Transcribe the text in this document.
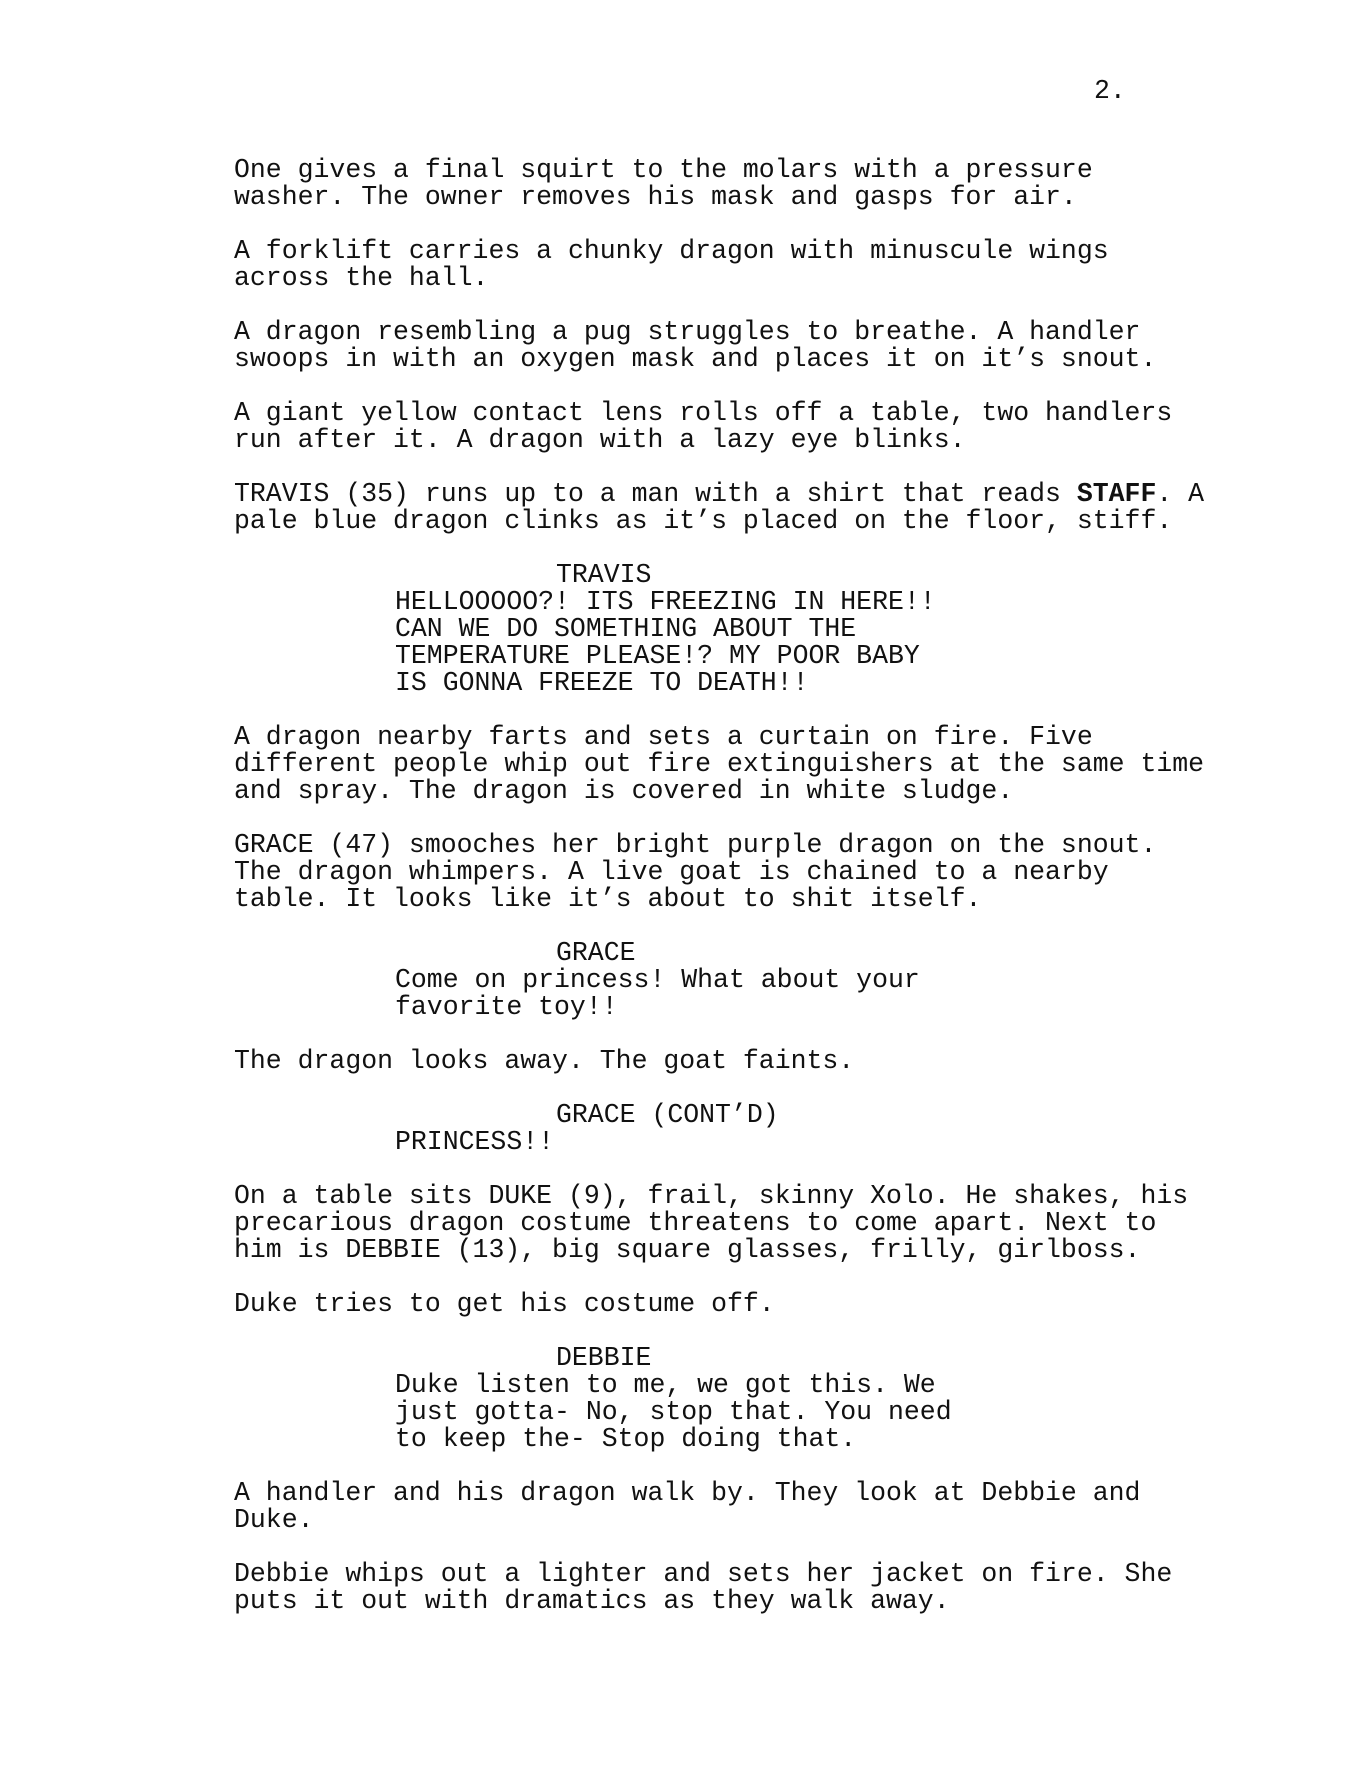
2.
One gives a final squirt to the molars with a pressure
washer. The owner removes his mask and gasps for air.
A forklift carries a chunky dragon with minuscule wings
across the hall.
A dragon resembling a pug struggles to breathe. A handler
swoops in with an oxygen mask and places it on it’s snout.
A giant yellow contact lens rolls off a table, two handlers
run after it. A dragon with a lazy eye blinks.
TRAVIS (35) runs up to a man with a shirt that reads STAFF. A
pale blue dragon clinks as it’s placed on the floor, stiff.
TRAVIS
HELLOOOOO?! ITS FREEZING IN HERE!!
CAN WE DO SOMETHING ABOUT THE
TEMPERATURE PLEASE!? MY POOR BABY
IS GONNA FREEZE TO DEATH!!
A dragon nearby farts and sets a curtain on fire. Five
different people whip out fire extinguishers at the same time
and spray. The dragon is covered in white sludge.
GRACE (47) smooches her bright purple dragon on the snout.
The dragon whimpers. A live goat is chained to a nearby
table. It looks like it’s about to shit itself.
GRACE
Come on princess! What about your
favorite toy!!
The dragon looks away. The goat faints.
GRACE (CONT’D)
PRINCESS!!
On a table sits DUKE (9), frail, skinny Xolo. He shakes, his
precarious dragon costume threatens to come apart. Next to
him is DEBBIE (13), big square glasses, frilly, girlboss.
Duke tries to get his costume off.
DEBBIE
Duke listen to me, we got this. We
just gotta- No, stop that. You need
to keep the- Stop doing that.
A handler and his dragon walk by. They look at Debbie and
Duke.
Debbie whips out a lighter and sets her jacket on fire. She
puts it out with dramatics as they walk away.
